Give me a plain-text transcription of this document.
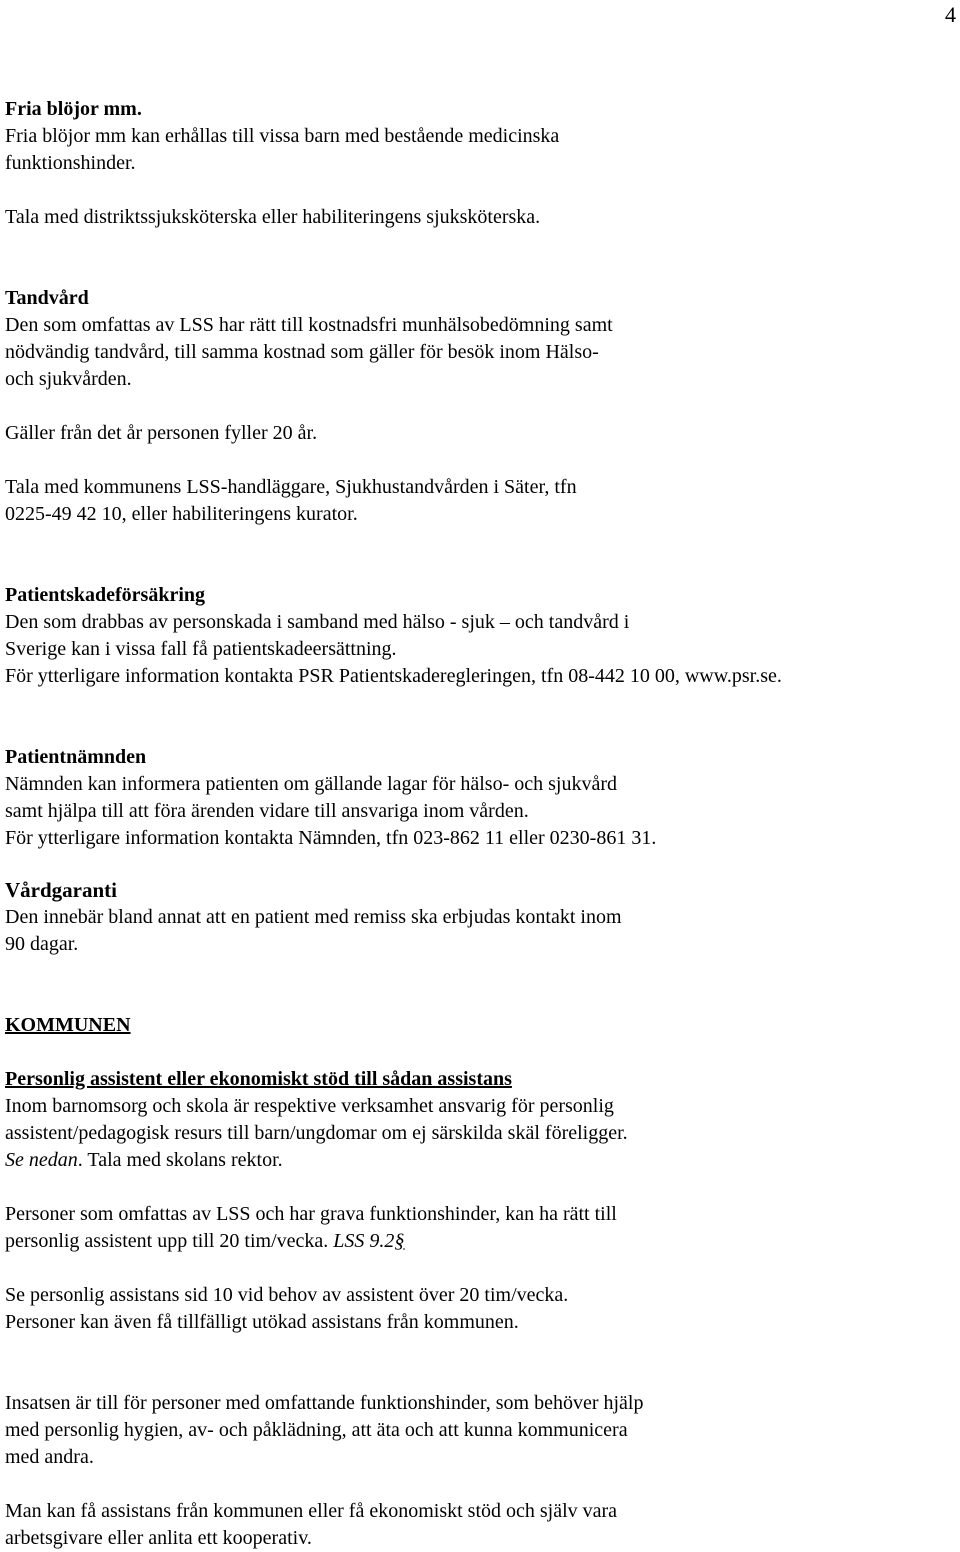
4
Fria blöjor mm.
Fria blöjor mm kan erhållas till vissa barn med bestående medicinska
funktionshinder.
Tala med distriktssjuksköterska eller habiliteringens sjuksköterska.
Tandvård
Den som omfattas av LSS har rätt till kostnadsfri munhälsobedömning samt
nödvändig tandvård, till samma kostnad som gäller för besök inom Hälso-
och sjukvården.
Gäller från det år personen fyller 20 år.
Tala med kommunens LSS-handläggare, Sjukhustandvården i Säter, tfn
0225-49 42 10, eller habiliteringens kurator.
Patientskadeförsäkring
Den som drabbas av personskada i samband med hälso - sjuk – och tandvård i
Sverige kan i vissa fall få patientskadeersättning.
För ytterligare information kontakta PSR Patientskaderegleringen, tfn 08-442 10 00, www.psr.se.
Patientnämnden
Nämnden kan informera patienten om gällande lagar för hälso- och sjukvård
samt hjälpa till att föra ärenden vidare till ansvariga inom vården.
För ytterligare information kontakta Nämnden, tfn 023-862 11 eller 0230-861 31.
Vårdgaranti
Den innebär bland annat att en patient med remiss ska erbjudas kontakt inom
90 dagar.
KOMMUNEN
Personlig assistent eller ekonomiskt stöd till sådan assistans
Inom barnomsorg och skola är respektive verksamhet ansvarig för personlig
assistent/pedagogisk resurs till barn/ungdomar om ej särskilda skäl föreligger.
Se nedan. Tala med skolans rektor.
Personer som omfattas av LSS och har grava funktionshinder, kan ha rätt till
personlig assistent upp till 20 tim/vecka. LSS 9.2§
Se personlig assistans sid 10 vid behov av assistent över 20 tim/vecka.
Personer kan även få tillfälligt utökad assistans från kommunen.
Insatsen är till för personer med omfattande funktionshinder, som behöver hjälp
med personlig hygien, av- och påklädning, att äta och att kunna kommunicera
med andra.
Man kan få assistans från kommunen eller få ekonomiskt stöd och själv vara
arbetsgivare eller anlita ett kooperativ.
